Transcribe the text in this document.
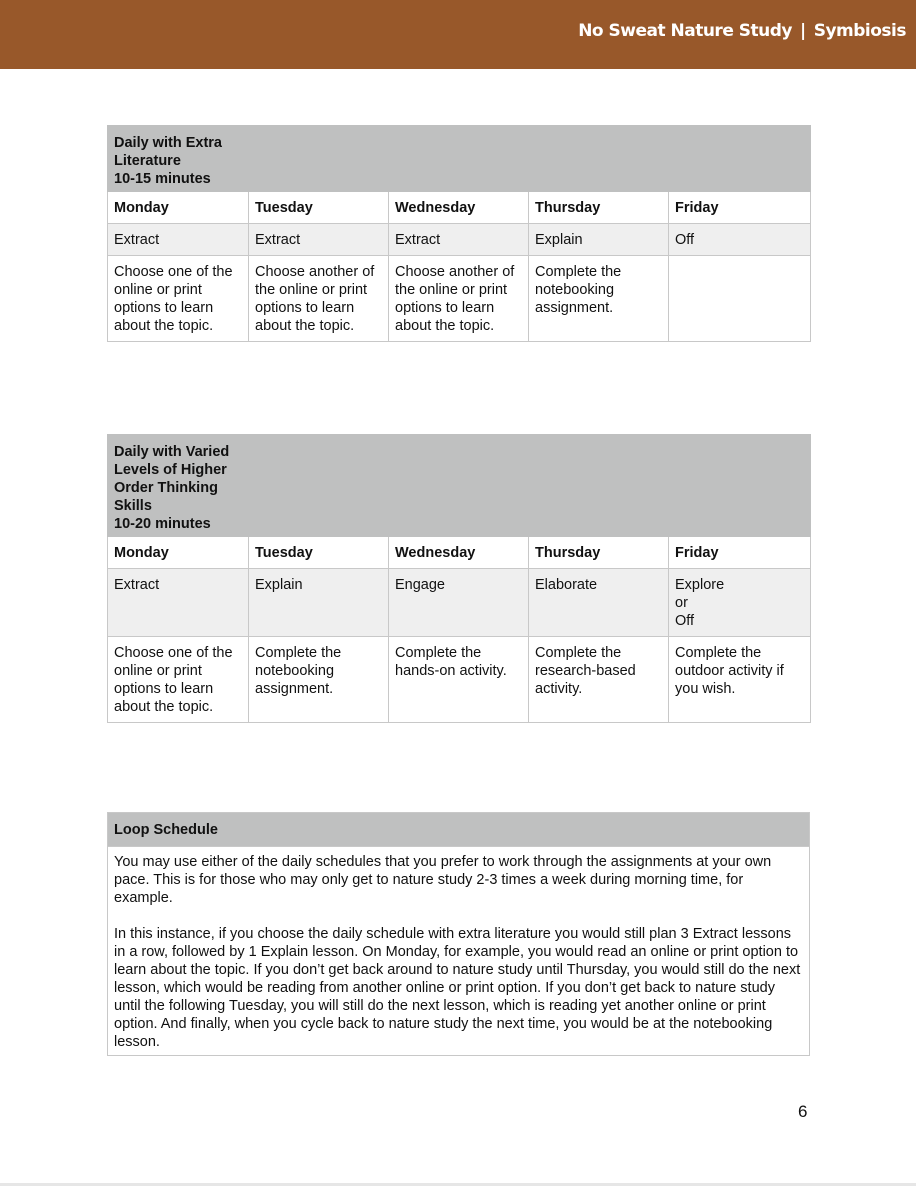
No Sweat Nature Study | Symbiosis
Daily with Extra
Literature
10-15 minutes				

Monday	Tuesday	Wednesday	Thursday	Friday
Extract	Extract	Extract	Explain	Off
Choose one of the online or print options to learn about the topic.	Choose another of the online or print options to learn about the topic.	Choose another of the online or print options to learn about the topic.	Complete the notebooking assignment.	
Daily with Varied
Levels of Higher
Order Thinking
Skills
10-20 minutes				

Monday	Tuesday	Wednesday	Thursday	Friday
Extract	Explain	Engage	Elaborate	Explore
or
Off

Choose one of the online or print options to learn about the topic.	Complete the notebooking assignment.	Complete the hands-on activity.	Complete the research-based activity.	Complete the outdoor activity if you wish.
Loop Schedule

You may use either of the daily schedules that you prefer to work through the assignments at your own pace. This is for those who may only get to nature study 2-3 times a week during morning time, for example.

In this instance, if you choose the daily schedule with extra literature you would still plan 3 Extract lessons in a row, followed by 1 Explain lesson. On Monday, for example, you would read an online or print option to learn about the topic. If you don’t get back around to nature study until Thursday, you would still do the next lesson, which would be reading from another online or print option. If you don’t get back to nature study until the following Tuesday, you will still do the next lesson, which is reading yet another online or print option. And finally, when you cycle back to nature study the next time, you would be at the notebooking lesson.

6
